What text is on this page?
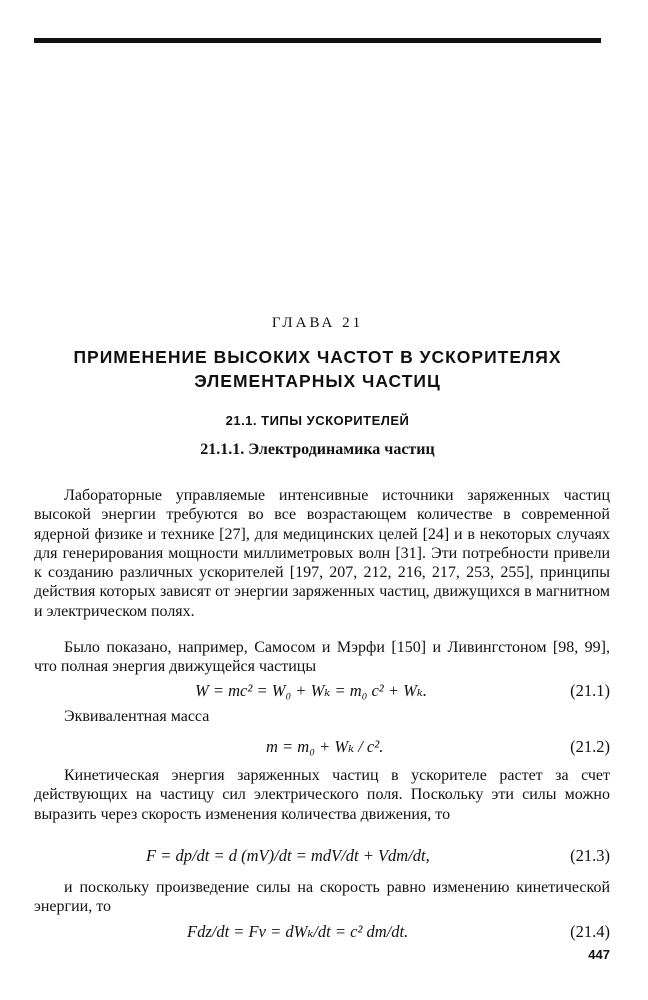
ГЛАВА 21
ПРИМЕНЕНИЕ ВЫСОКИХ ЧАСТОТ В УСКОРИТЕЛЯХ ЭЛЕМЕНТАРНЫХ ЧАСТИЦ
21.1. ТИПЫ УСКОРИТЕЛЕЙ
21.1.1. Электродинамика частиц

Лабораторные управляемые интенсивные источники заряженных частиц высокой энергии требуются во все возрастающем количестве в современной ядерной физике и технике [27], для медицинских целей [24] и в некоторых случаях для генерирования мощности миллиметровых волн [31]. Эти потребности привели к созданию различных ускорителей [197, 207, 212, 216, 217, 253, 255], принципы действия которых зависят от энергии заряженных частиц, движущихся в магнитном и электрическом полях.

Было показано, например, Самосом и Мэрфи [150] и Ливингстоном [98, 99], что полная энергия движущейся частицы

W = mc² = W₀ + Wₖ = m₀ c² + Wₖ.	(21.1)

Эквивалентная масса

m = m₀ + Wₖ / c².	(21.2)

Кинетическая энергия заряженных частиц в ускорителе растет за счет действующих на частицу сил электрического поля. Поскольку эти силы можно выразить через скорость изменения количества движения, то

F = dp/dt = d (mV)/dt = mdV/dt + Vdm/dt,	(21.3)

и поскольку произведение силы на скорость равно изменению кинетической энергии, то

Fdz/dt = Fv = dWₖ/dt = c² dm/dt.	(21.4)
447
